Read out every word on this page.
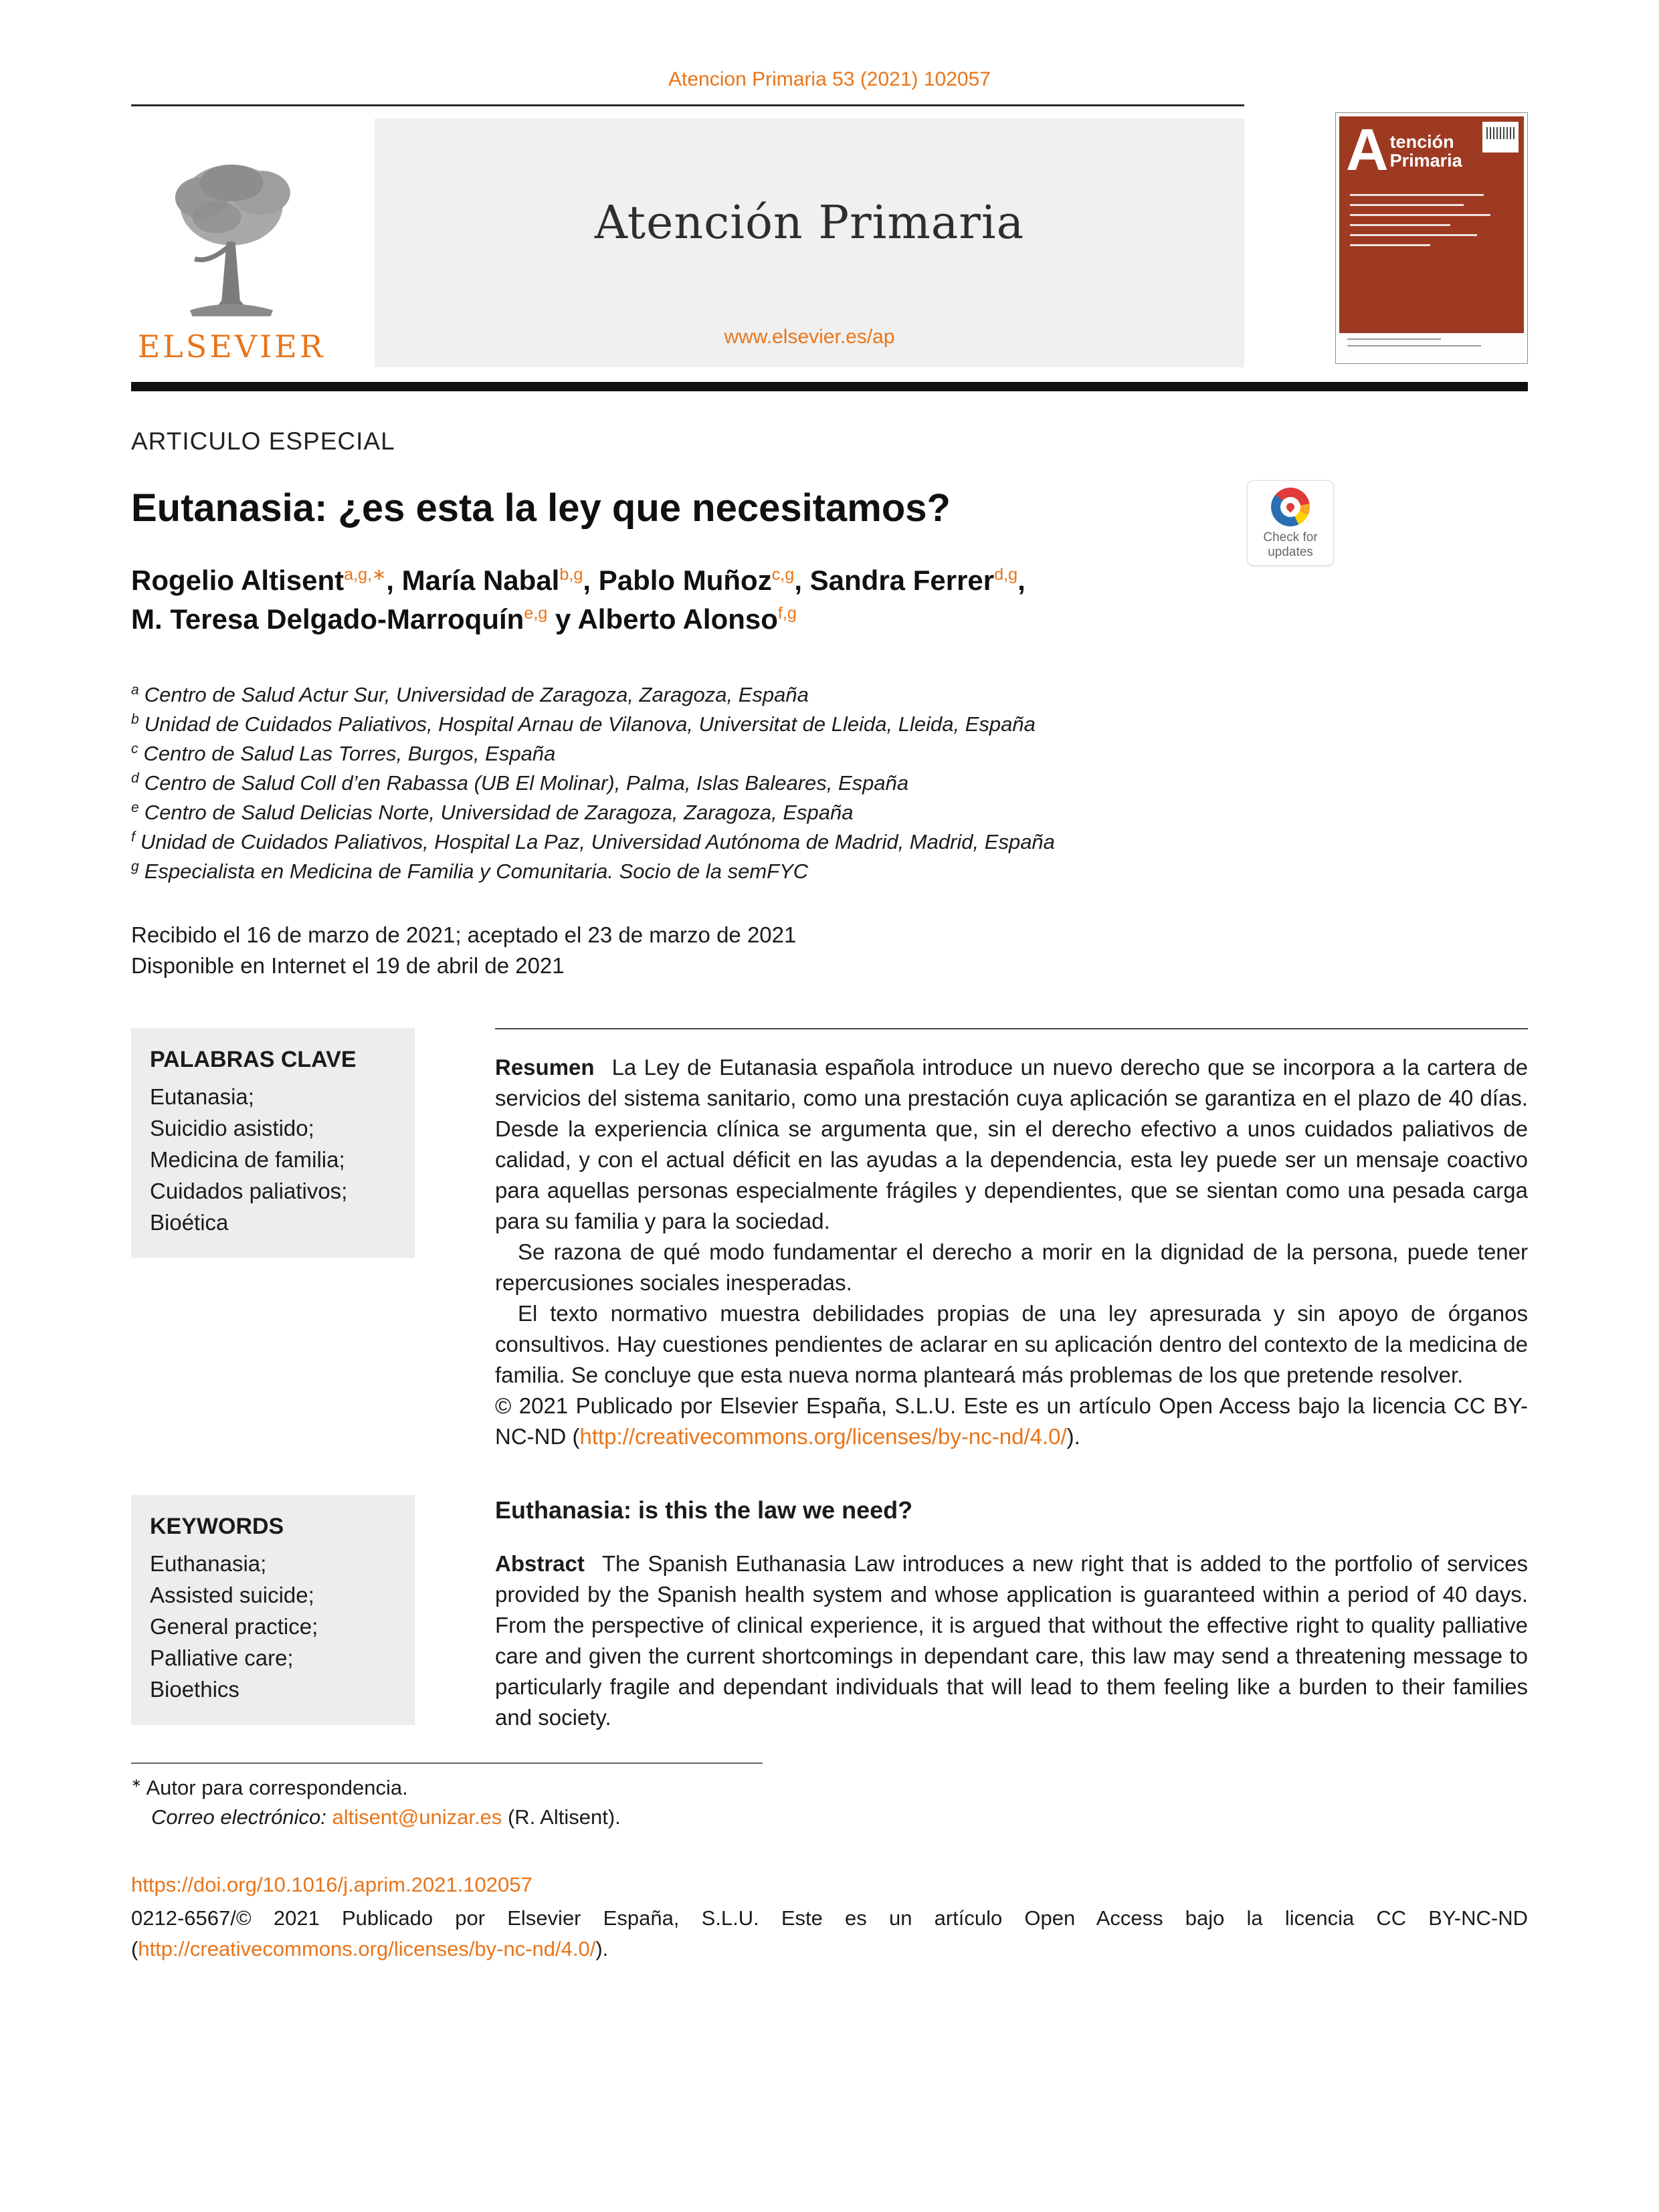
Atencion Primaria 53 (2021) 102057
ELSEVIER
Atención Primaria
www.elsevier.es/ap
A tención
Primaria
ARTICULO ESPECIAL
Eutanasia: ¿es esta la ley que necesitamos?
Check for
updates
Rogelio Altisent$^{a,g,∗}$, María Nabal$^{b,g}$, Pablo Muñoz$^{c,g}$, Sandra Ferrer$^{d,g}$,
M. Teresa Delgado-Marroquín$^{e,g}$ y Alberto Alonso$^{f,g}$
$^a$ Centro de Salud Actur Sur, Universidad de Zaragoza, Zaragoza, España
$^b$ Unidad de Cuidados Paliativos, Hospital Arnau de Vilanova, Universitat de Lleida, Lleida, España
$^c$ Centro de Salud Las Torres, Burgos, España
$^d$ Centro de Salud Coll d’en Rabassa (UB El Molinar), Palma, Islas Baleares, España
$^e$ Centro de Salud Delicias Norte, Universidad de Zaragoza, Zaragoza, España
$^f$ Unidad de Cuidados Paliativos, Hospital La Paz, Universidad Autónoma de Madrid, Madrid, España
$^g$ Especialista en Medicina de Familia y Comunitaria. Socio de la semFYC
Recibido el 16 de marzo de 2021; aceptado el 23 de marzo de 2021
Disponible en Internet el 19 de abril de 2021
PALABRAS CLAVE
Eutanasia;
Suicidio asistido;
Medicina de familia;
Cuidados paliativos;
Bioética

Resumen La Ley de Eutanasia española introduce un nuevo derecho que se incorpora a la cartera de servicios del sistema sanitario, como una prestación cuya aplicación se garantiza en el plazo de 40 días. Desde la experiencia clínica se argumenta que, sin el derecho efectivo a unos cuidados paliativos de calidad, y con el actual déficit en las ayudas a la dependencia, esta ley puede ser un mensaje coactivo para aquellas personas especialmente frágiles y dependientes, que se sientan como una pesada carga para su familia y para la sociedad.

Se razona de qué modo fundamentar el derecho a morir en la dignidad de la persona, puede tener repercusiones sociales inesperadas.

El texto normativo muestra debilidades propias de una ley apresurada y sin apoyo de órganos consultivos. Hay cuestiones pendientes de aclarar en su aplicación dentro del contexto de la medicina de familia. Se concluye que esta nueva norma planteará más problemas de los que pretende resolver.

© 2021 Publicado por Elsevier España, S.L.U. Este es un artículo Open Access bajo la licencia CC BY-NC-ND (http://creativecommons.org/licenses/by-nc-nd/4.0/).

KEYWORDS
Euthanasia;
Assisted suicide;
General practice;
Palliative care;
Bioethics
Euthanasia: is this the law we need?

Abstract The Spanish Euthanasia Law introduces a new right that is added to the portfolio of services provided by the Spanish health system and whose application is guaranteed within a period of 40 days. From the perspective of clinical experience, it is argued that without the effective right to quality palliative care and given the current shortcomings in dependant care, this law may send a threatening message to particularly fragile and dependant individuals that will lead to them feeling like a burden to their families and society.

∗ Autor para correspondencia.
Correo electrónico: altisent@unizar.es (R. Altisent).
https://doi.org/10.1016/j.aprim.2021.102057
0212-6567/© 2021 Publicado por Elsevier España, S.L.U. Este es un artículo Open Access bajo la licencia CC BY-NC-ND (http://creativecommons.org/licenses/by-nc-nd/4.0/).
